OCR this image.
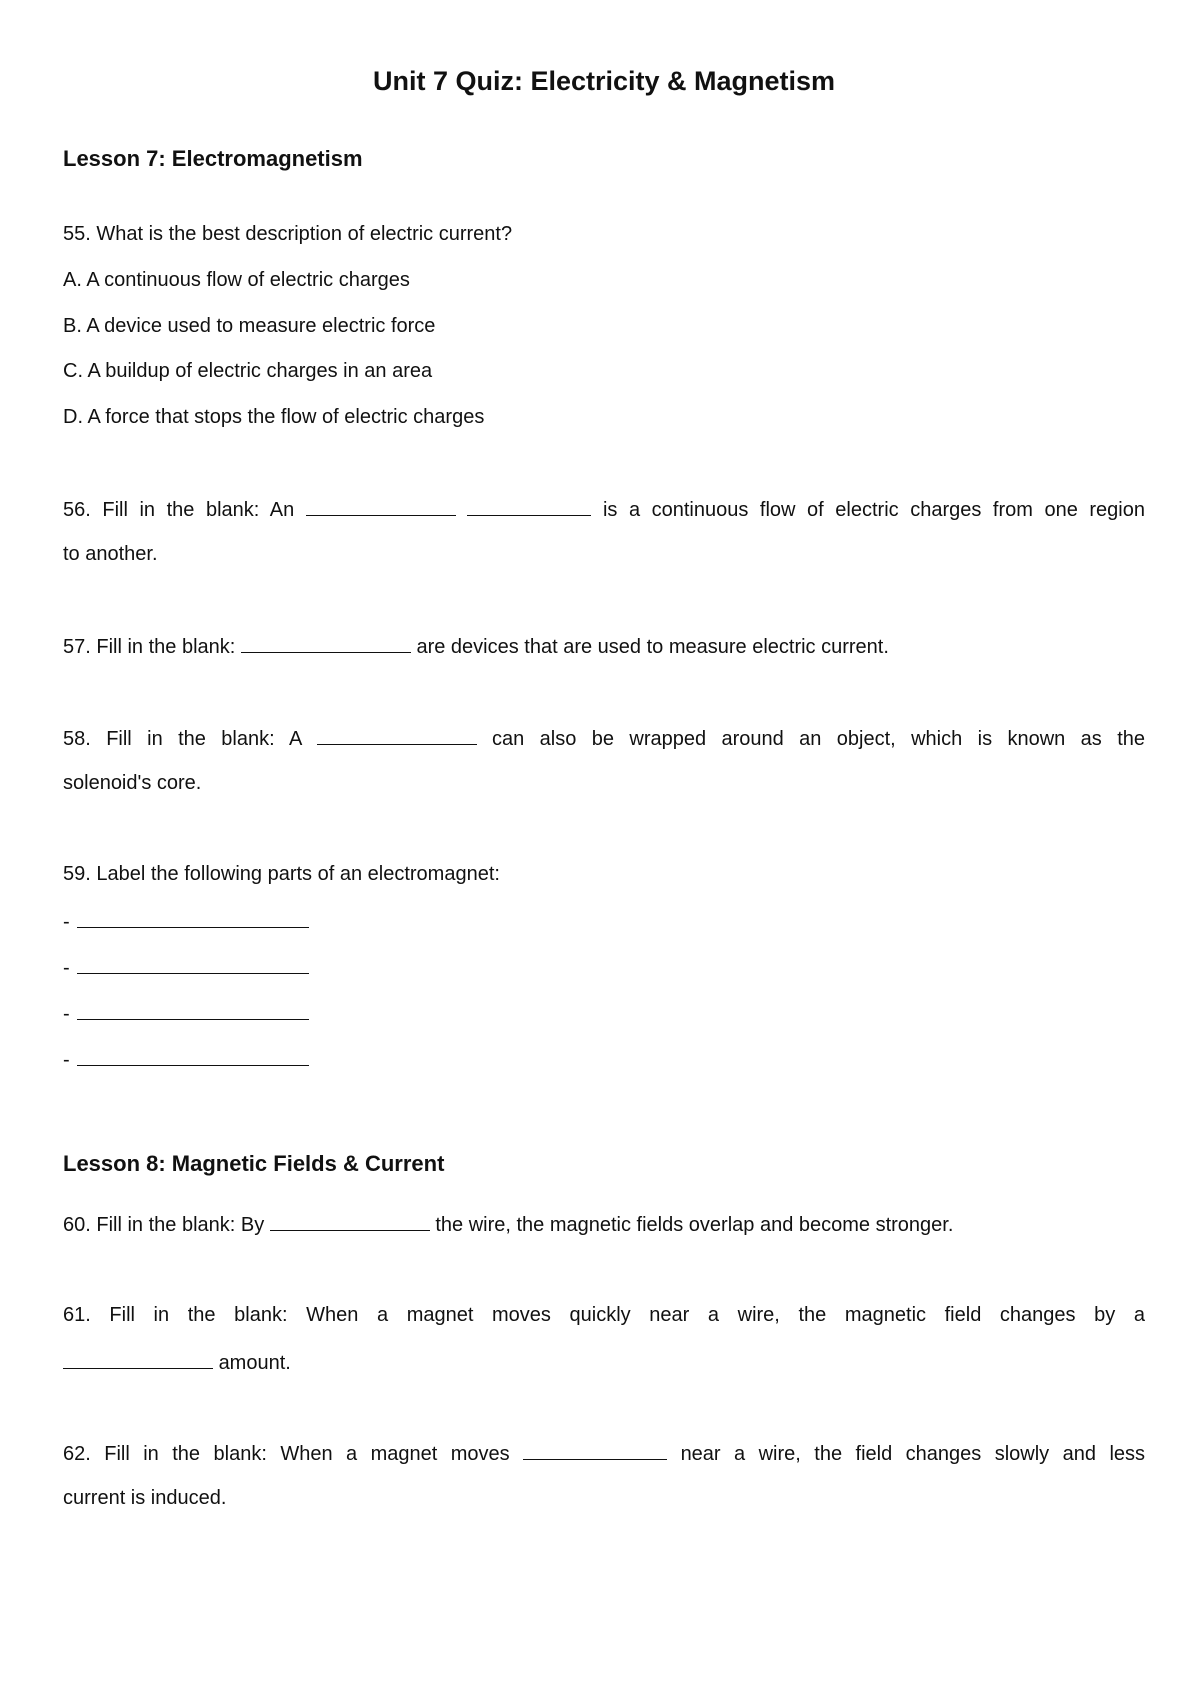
Unit 7 Quiz: Electricity & Magnetism
Lesson 7: Electromagnetism

55. What is the best description of electric current?

A. A continuous flow of electric charges

B. A device used to measure electric force

C. A buildup of electric charges in an area

D. A force that stops the flow of electric charges

56. Fill in the blank: An	is a continuous flow of electric charges from one region

to another.

57. Fill in the blank:	are devices that are used to measure electric current.

58. Fill in the blank: A	can also be wrapped around an object, which is known as the

solenoid's core.

59. Label the following parts of an electromagnet:

-

-

-

-

Lesson 8: Magnetic Fields & Current

60. Fill in the blank: By	the wire, the magnetic fields overlap and become stronger.

61. Fill in the blank: When a magnet moves quickly near a wire, the magnetic field changes by a

amount.

62. Fill in the blank: When a magnet moves	near a wire, the field changes slowly and less

current is induced.
